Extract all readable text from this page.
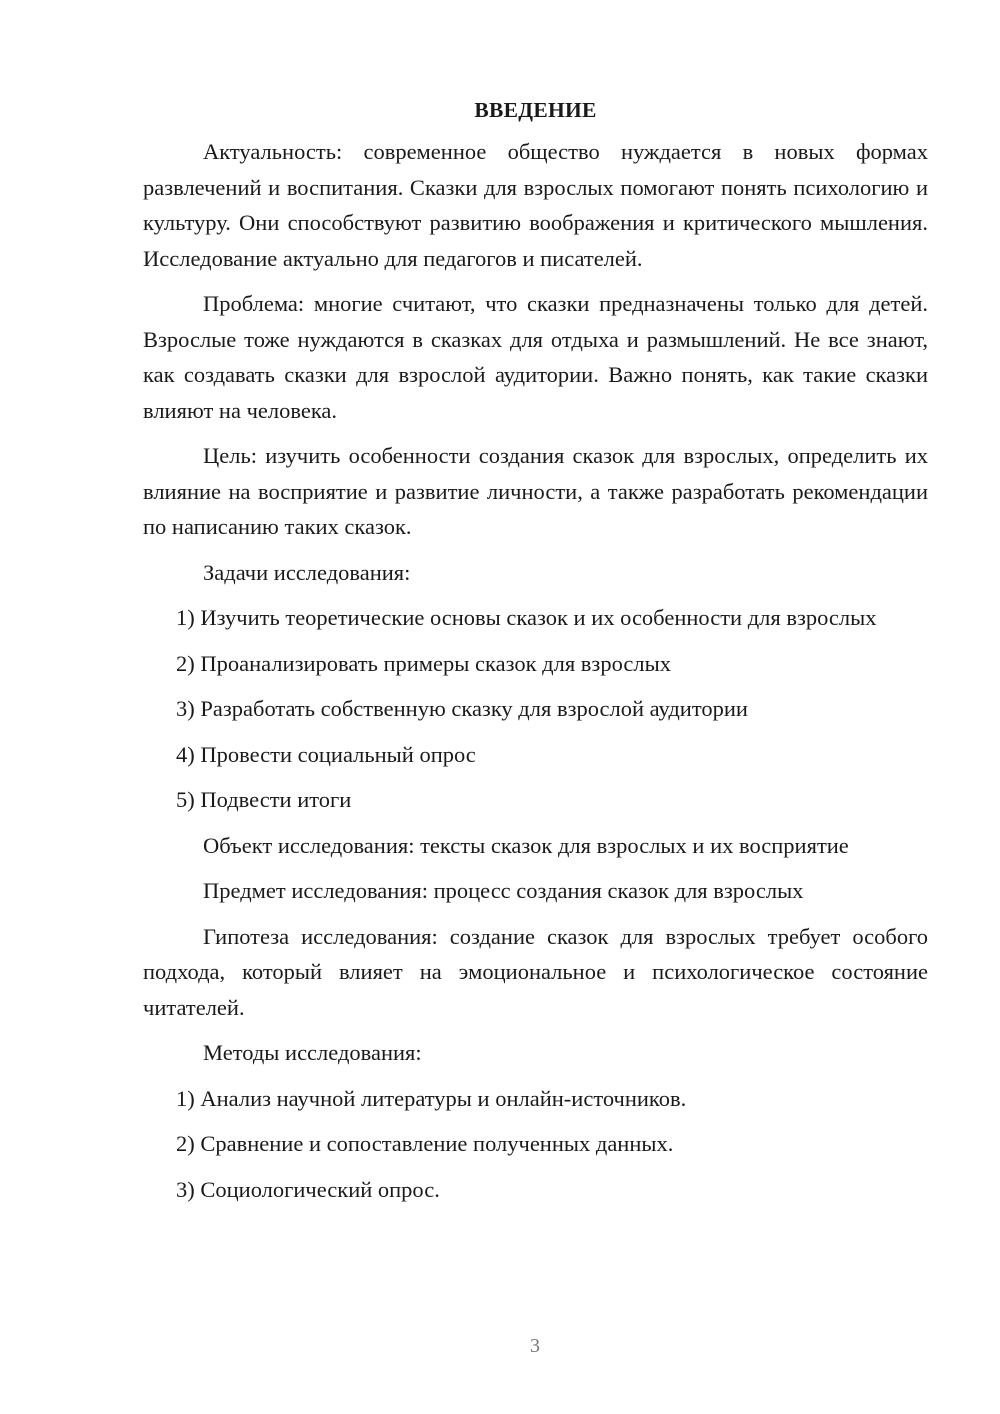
ВВЕДЕНИЕ

Актуальность: современное общество нуждается в новых формах развлечений и воспитания. Сказки для взрослых помогают понять психологию и культуру. Они способствуют развитию воображения и критического мышления. Исследование актуально для педагогов и писателей.

Проблема: многие считают, что сказки предназначены только для детей. Взрослые тоже нуждаются в сказках для отдыха и размышлений. Не все знают, как создавать сказки для взрослой аудитории. Важно понять, как такие сказки влияют на человека.

Цель: изучить особенности создания сказок для взрослых, определить их влияние на восприятие и развитие личности, а также разработать рекомендации по написанию таких сказок.

Задачи исследования:

1) Изучить теоретические основы сказок и их особенности для взрослых

2) Проанализировать примеры сказок для взрослых

3) Разработать собственную сказку для взрослой аудитории

4) Провести социальный опрос

5) Подвести итоги

Объект исследования: тексты сказок для взрослых и их восприятие

Предмет исследования: процесс создания сказок для взрослых

Гипотеза исследования: создание сказок для взрослых требует особого подхода, который влияет на эмоциональное и психологическое состояние читателей.

Методы исследования:

1) Анализ научной литературы и онлайн-источников.

2) Сравнение и сопоставление полученных данных.

3) Социологический опрос.

3
